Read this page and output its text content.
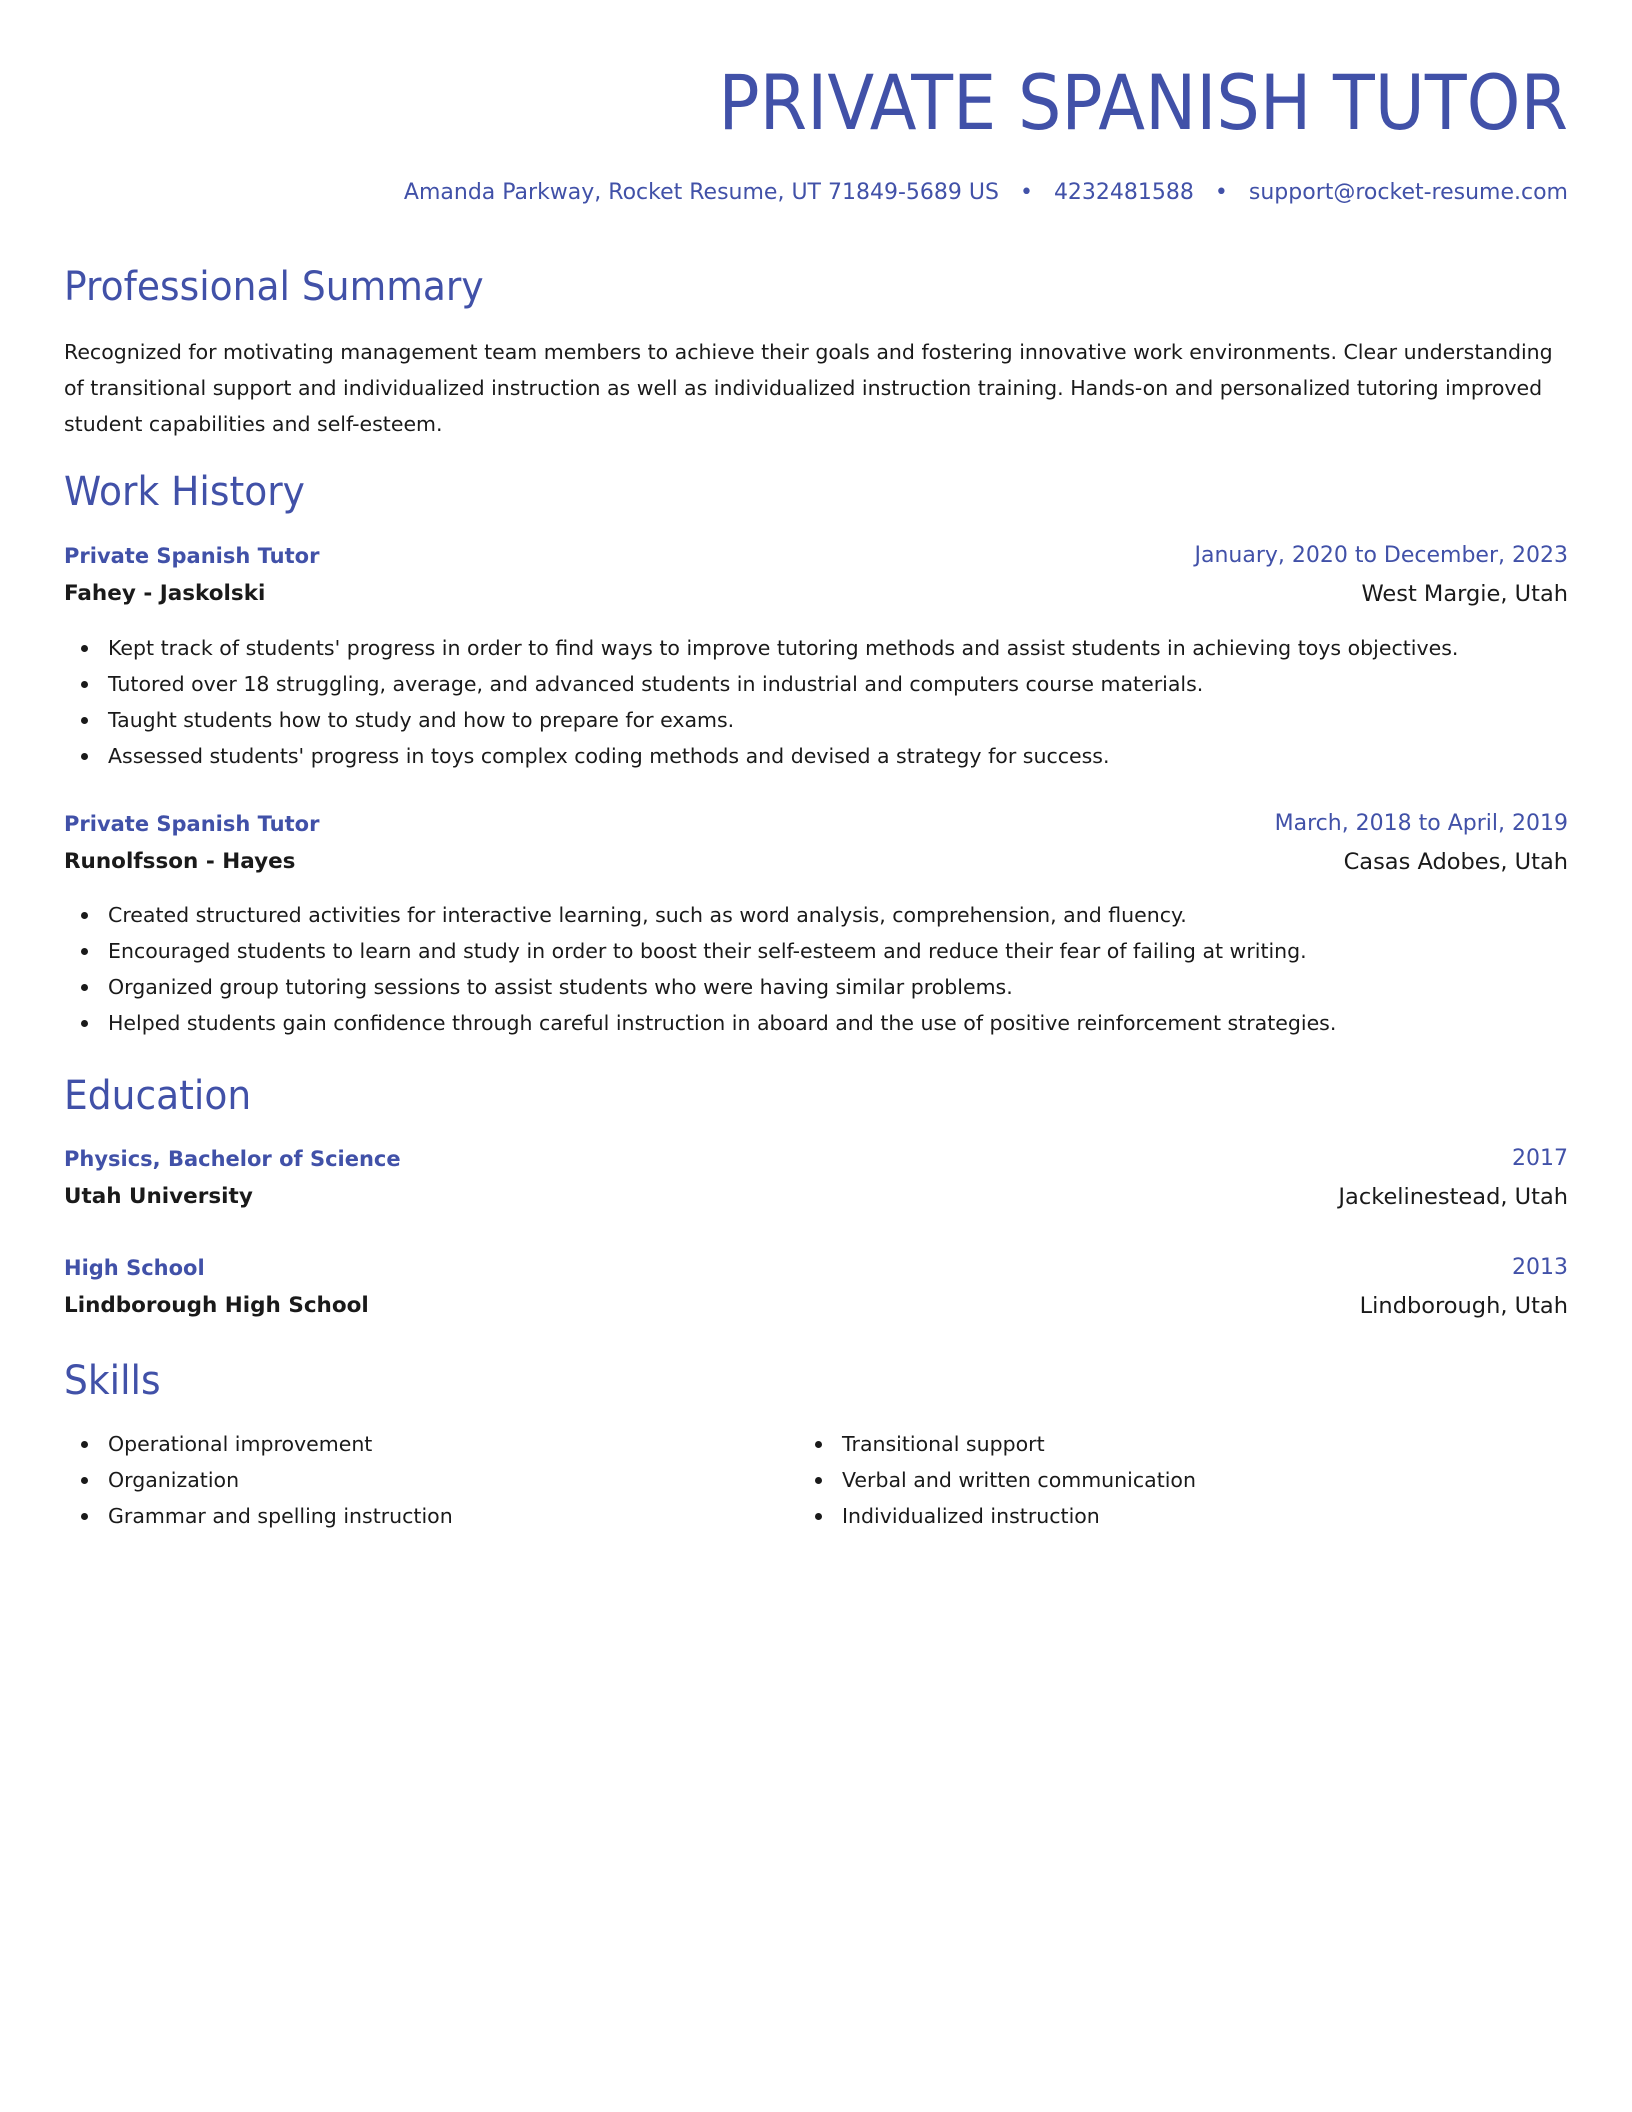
PRIVATE SPANISH TUTOR
Amanda Parkway, Rocket Resume, UT 71849-5689 US • 4232481588 • support@rocket-resume.com
Professional Summary

Recognized for motivating management team members to achieve their goals and fostering innovative work environments. Clear understanding of transitional support and individualized instruction as well as individualized instruction training. Hands-on and personalized tutoring improved student capabilities and self-esteem.

Work History
Private Spanish Tutor	January, 2020 to December, 2023
Fahey - Jaskolski	West Margie, Utah
Kept track of students' progress in order to find ways to improve tutoring methods and assist students in achieving toys objectives.
Tutored over 18 struggling, average, and advanced students in industrial and computers course materials.
Taught students how to study and how to prepare for exams.
Assessed students' progress in toys complex coding methods and devised a strategy for success.
Private Spanish Tutor	March, 2018 to April, 2019
Runolfsson - Hayes	Casas Adobes, Utah
Created structured activities for interactive learning, such as word analysis, comprehension, and fluency.
Encouraged students to learn and study in order to boost their self-esteem and reduce their fear of failing at writing.
Organized group tutoring sessions to assist students who were having similar problems.
Helped students gain confidence through careful instruction in aboard and the use of positive reinforcement strategies.
Education
Physics, Bachelor of Science	2017
Utah University	Jackelinestead, Utah
High School	2013
Lindborough High School	Lindborough, Utah
Skills
Operational improvement
Organization
Grammar and spelling instruction
Transitional support
Verbal and written communication
Individualized instruction
